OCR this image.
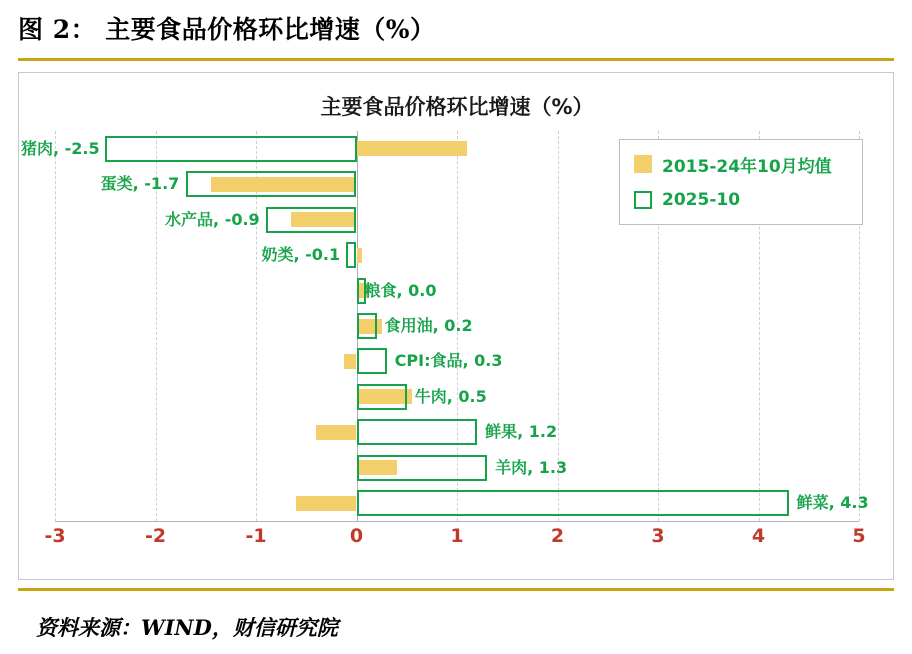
图 2： 主要食品价格环比增速（%）
主要食品价格环比增速（%）
猪肉, -2.5
蛋类, -1.7
水产品, -0.9
奶类, -0.1
粮食, 0.0
食用油, 0.2
CPI:食品, 0.3
牛肉, 0.5
鲜果, 1.2
羊肉, 1.3
鲜菜, 4.3
-3	-2	-1	0	1	2	3	4	5
2015-24年10月均值
2025-10
资料来源：WIND，财信研究院
